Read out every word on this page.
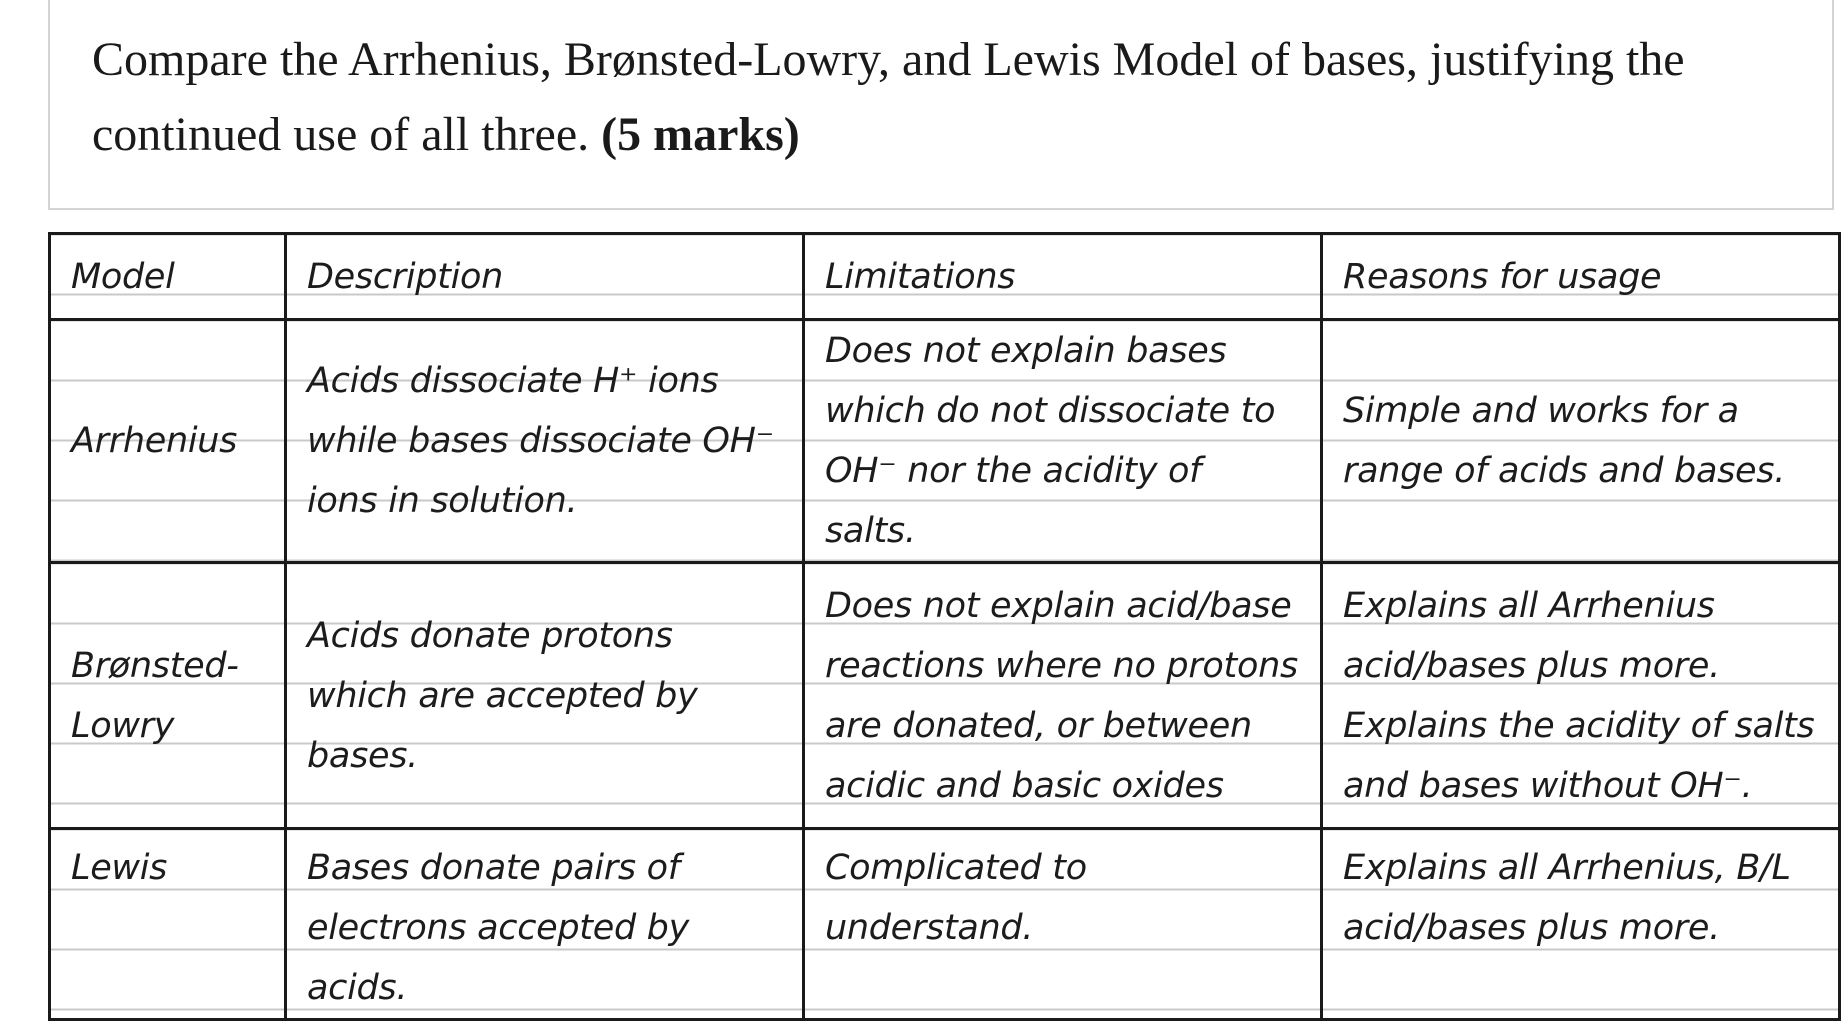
Compare the Arrhenius, Brønsted-Lowry, and Lewis Model of bases, justifying the continued use of all three. (5 marks)
Model	Description	Limitations	Reasons for usage

Arrhenius	Acids dissociate H⁺ ions while bases dissociate OH⁻ ions in solution.	Does not explain bases which do not dissociate to OH⁻ nor the acidity of salts.	Simple and works for a range of acids and bases.

Brønsted-Lowry	Acids donate protons which are accepted by bases.	Does not explain acid/base reactions where no protons are donated, or between acidic and basic oxides	Explains all Arrhenius acid/bases plus more. Explains the acidity of salts and bases without OH⁻.

Lewis	Bases donate pairs of electrons accepted by acids.	Complicated to understand.	Explains all Arrhenius, B/L acid/bases plus more.
